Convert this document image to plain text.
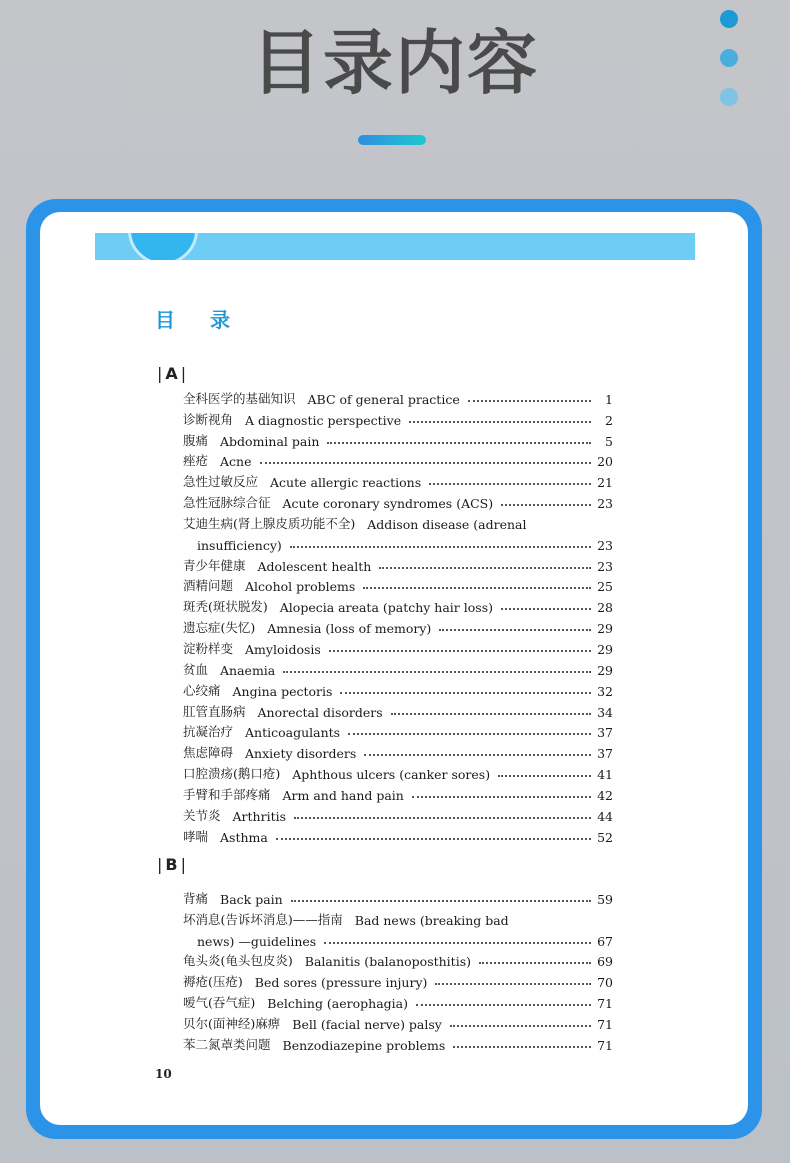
目录内容
目 录
| A |
全科医学的基础知识 ABC of general practice	1
诊断视角 A diagnostic perspective	2
腹痛 Abdominal pain	5
痤疮 Acne	20
急性过敏反应 Acute allergic reactions	21
急性冠脉综合征 Acute coronary syndromes (ACS)	23
艾迪生病(肾上腺皮质功能不全) Addison disease (adrenal
insufficiency)	23
青少年健康 Adolescent health	23
酒精问题 Alcohol problems	25
斑秃(斑状脱发) Alopecia areata (patchy hair loss)	28
遗忘症(失忆) Amnesia (loss of memory)	29
淀粉样变 Amyloidosis	29
贫血 Anaemia	29
心绞痛 Angina pectoris	32
肛管直肠病 Anorectal disorders	34
抗凝治疗 Anticoagulants	37
焦虑障碍 Anxiety disorders	37
口腔溃疡(鹅口疮) Aphthous ulcers (canker sores)	41
手臂和手部疼痛 Arm and hand pain	42
关节炎 Arthritis	44
哮喘 Asthma	52
| B |
背痛 Back pain	59
坏消息(告诉坏消息)——指南 Bad news (breaking bad
news) —guidelines	67
龟头炎(龟头包皮炎) Balanitis (balanoposthitis)	69
褥疮(压疮) Bed sores (pressure injury)	70
嗳气(吞气症) Belching (aerophagia)	71
贝尔(面神经)麻痹 Bell (facial nerve) palsy	71
苯二氮䓬类问题 Benzodiazepine problems	71
10
